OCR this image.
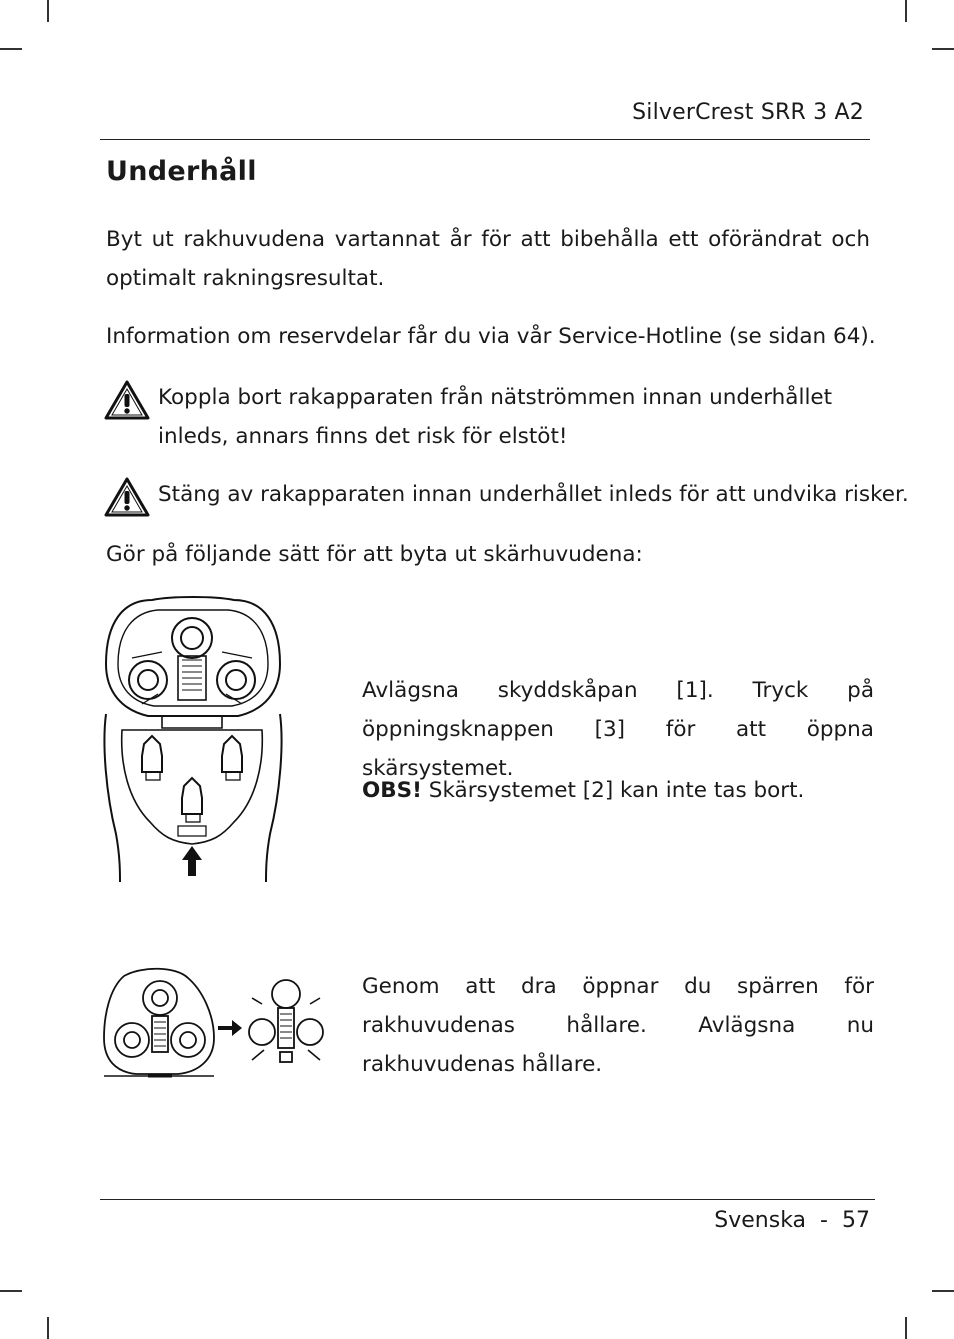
SilverCrest SRR 3 A2
Underhåll
Byt ut rakhuvudena vartannat år för att bibehålla ett oförändrat och optimalt rakningsresultat.
Information om reservdelar får du via vår Service-Hotline (se sidan 64).
Koppla bort rakapparaten från nätströmmen innan underhållet inleds, annars finns det risk för elstöt!
Stäng av rakapparaten innan underhållet inleds för att undvika risker.
Gör på följande sätt för att byta ut skärhuvudena:
Avlägsna skyddskåpan [1]. Tryck på öppningsknappen [3] för att öppna skärsystemet.
OBS! Skärsystemet [2] kan inte tas bort.
Genom att dra öppnar du spärren för rakhuvudenas hållare. Avlägsna nu rakhuvudenas hållare.
Svenska - 57
